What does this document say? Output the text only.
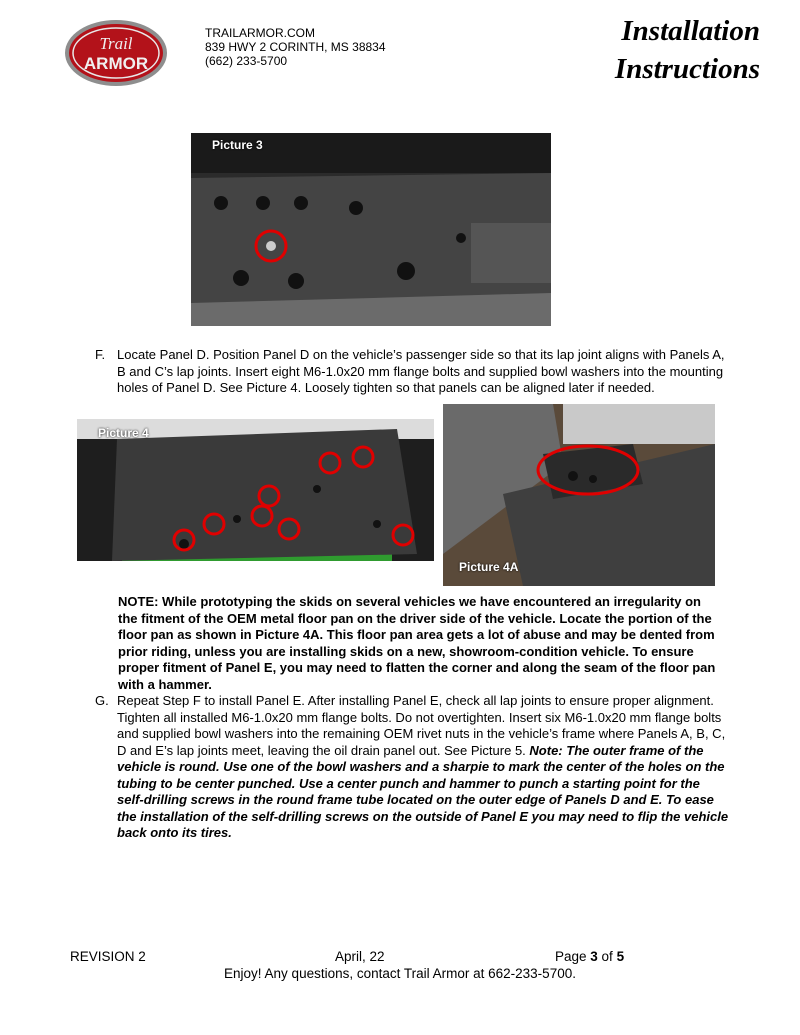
Trail
ARMOR
TRAILARMOR.COM
839 HWY 2 CORINTH, MS 38834
(662) 233-5700
Installation
Instructions
Picture 3
F. Locate Panel D. Position Panel D on the vehicle’s passenger side so that its lap joint aligns with Panels A, B and C’s lap joints. Insert eight M6-1.0x20 mm flange bolts and supplied bowl washers into the mounting holes of Panel D. See Picture 4. Loosely tighten so that panels can be aligned later if needed.
Picture 4
Picture 4A
NOTE: While prototyping the skids on several vehicles we have encountered an irregularity on the fitment of the OEM metal floor pan on the driver side of the vehicle. Locate the portion of the floor pan as shown in Picture 4A. This floor pan area gets a lot of abuse and may be dented from prior riding, unless you are installing skids on a new, showroom-condition vehicle. To ensure proper fitment of Panel E, you may need to flatten the corner and along the seam of the floor pan with a hammer.
G. Repeat Step F to install Panel E. After installing Panel E, check all lap joints to ensure proper alignment. Tighten all installed M6-1.0x20 mm flange bolts. Do not overtighten. Insert six M6-1.0x20 mm flange bolts and supplied bowl washers into the remaining OEM rivet nuts in the vehicle’s frame where Panels A, B, C, D and E’s lap joints meet, leaving the oil drain panel out. See Picture 5. Note: The outer frame of the vehicle is round. Use one of the bowl washers and a sharpie to mark the center of the holes on the tubing to be center punched. Use a center punch and hammer to punch a starting point for the self-drilling screws in the round frame tube located on the outer edge of Panels D and E. To ease the installation of the self-drilling screws on the outside of Panel E you may need to flip the vehicle back onto its tires.
REVISION 2	April, 22	Page 3 of 5
Enjoy! Any questions, contact Trail Armor at 662-233-5700.
